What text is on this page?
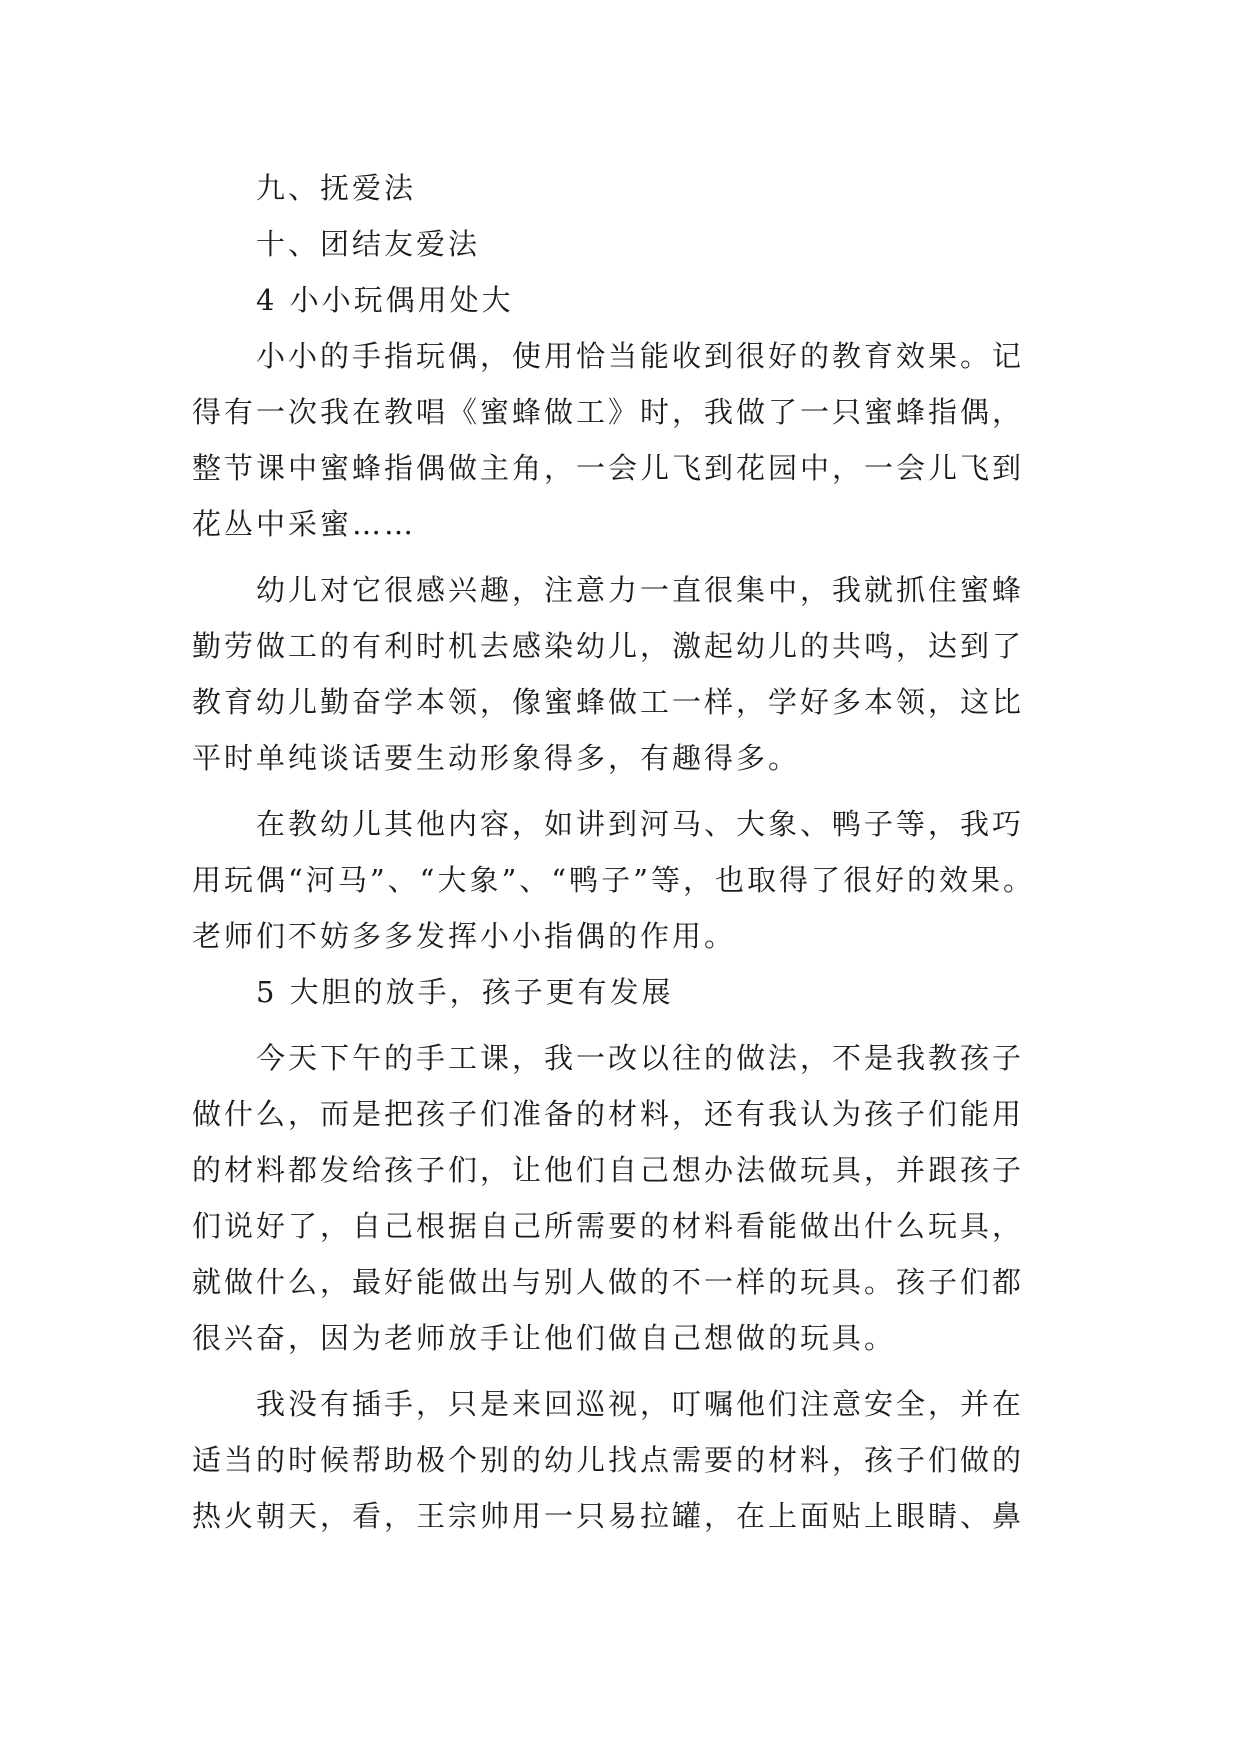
九、抚爱法

十、团结友爱法

4 小小玩偶用处大

小小的手指玩偶，使用恰当能收到很好的教育效果。记

得有一次我在教唱《蜜蜂做工》时，我做了一只蜜蜂指偶，

整节课中蜜蜂指偶做主角，一会儿飞到花园中，一会儿飞到

花丛中采蜜……

幼儿对它很感兴趣，注意力一直很集中，我就抓住蜜蜂

勤劳做工的有利时机去感染幼儿，激起幼儿的共鸣，达到了

教育幼儿勤奋学本领，像蜜蜂做工一样，学好多本领，这比

平时单纯谈话要生动形象得多，有趣得多。

在教幼儿其他内容，如讲到河马、大象、鸭子等，我巧

用玩偶“河马”、“大象”、“鸭子”等，也取得了很好的效果。

老师们不妨多多发挥小小指偶的作用。

5 大胆的放手，孩子更有发展

今天下午的手工课，我一改以往的做法，不是我教孩子

做什么，而是把孩子们准备的材料，还有我认为孩子们能用

的材料都发给孩子们，让他们自己想办法做玩具，并跟孩子

们说好了，自己根据自己所需要的材料看能做出什么玩具，

就做什么，最好能做出与别人做的不一样的玩具。孩子们都

很兴奋，因为老师放手让他们做自己想做的玩具。

我没有插手，只是来回巡视，叮嘱他们注意安全，并在

适当的时候帮助极个别的幼儿找点需要的材料，孩子们做的

热火朝天，看，王宗帅用一只易拉罐，在上面贴上眼睛、鼻
